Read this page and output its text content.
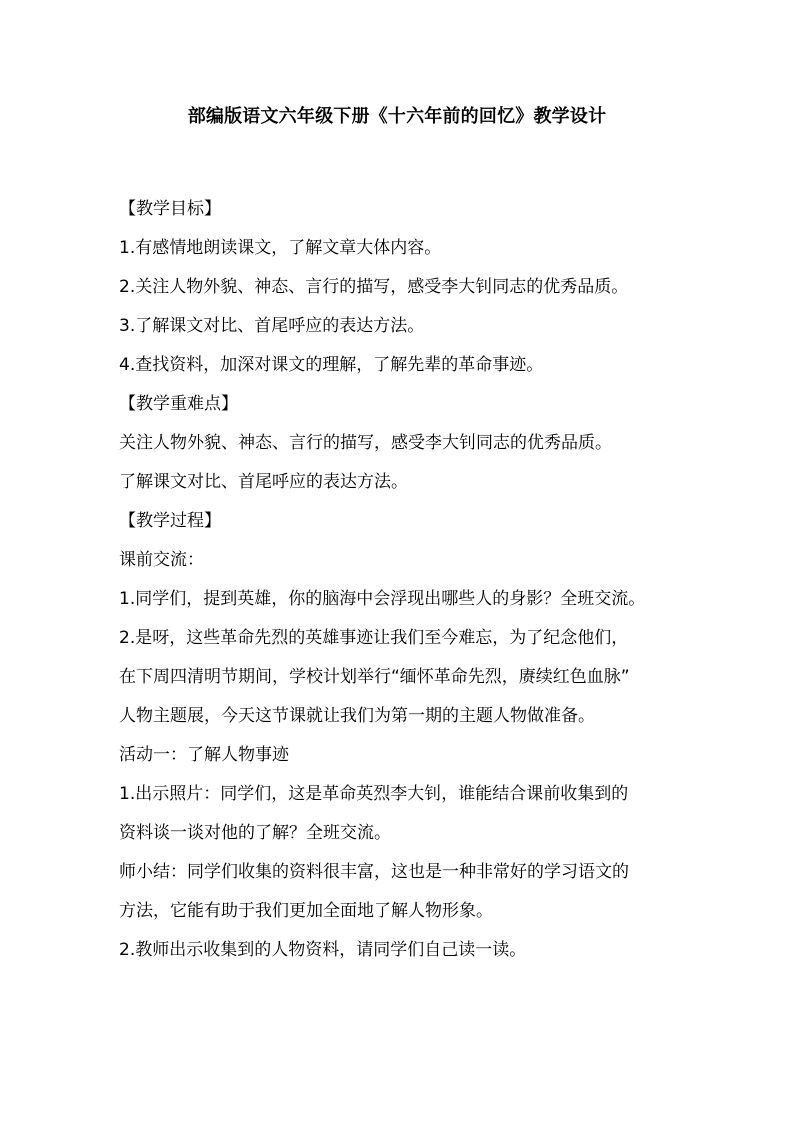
部编版语文六年级下册《十六年前的回忆》教学设计
【教学目标】
1.有感情地朗读课文，了解文章大体内容。
2.关注人物外貌、神态、言行的描写，感受李大钊同志的优秀品质。
3.了解课文对比、首尾呼应的表达方法。
4.查找资料，加深对课文的理解，了解先辈的革命事迹。
【教学重难点】
关注人物外貌、神态、言行的描写，感受李大钊同志的优秀品质。
了解课文对比、首尾呼应的表达方法。
【教学过程】
课前交流：
1.同学们，提到英雄，你的脑海中会浮现出哪些人的身影？全班交流。
2.是呀，这些革命先烈的英雄事迹让我们至今难忘，为了纪念他们，
在下周四清明节期间，学校计划举行“缅怀革命先烈，赓续红色血脉”
人物主题展，今天这节课就让我们为第一期的主题人物做准备。
活动一：了解人物事迹
1.出示照片：同学们，这是革命英烈李大钊，谁能结合课前收集到的
资料谈一谈对他的了解？全班交流。
师小结：同学们收集的资料很丰富，这也是一种非常好的学习语文的
方法，它能有助于我们更加全面地了解人物形象。
2.教师出示收集到的人物资料，请同学们自己读一读。
